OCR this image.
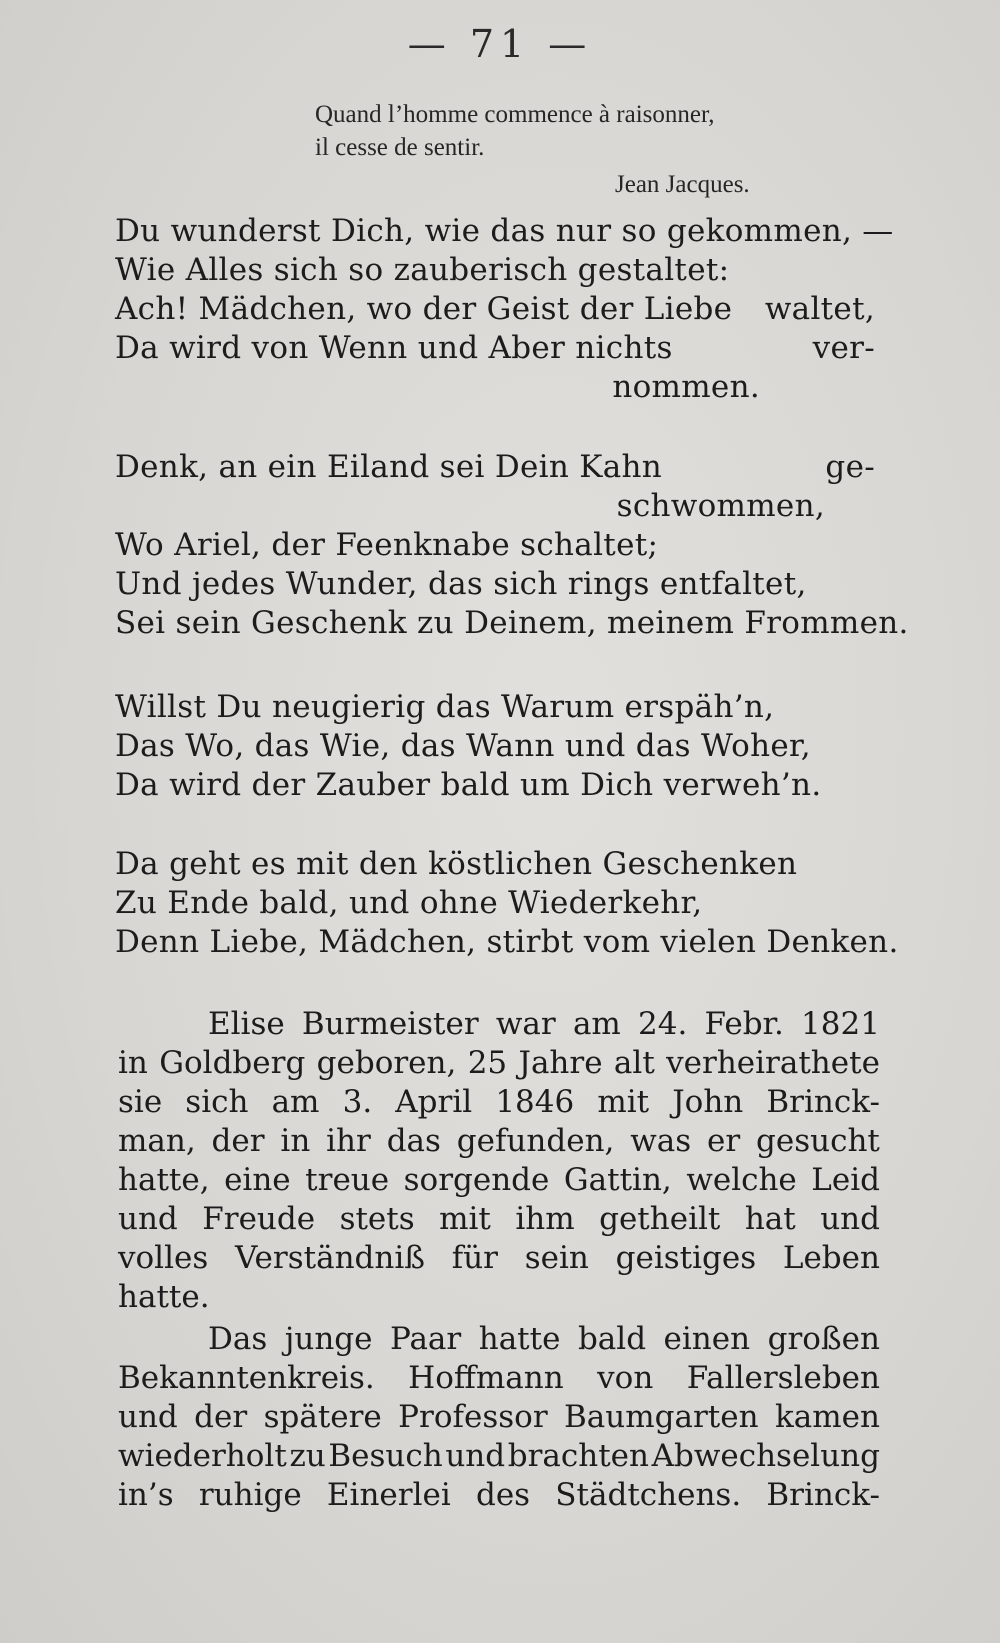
— 71 —
Quand l’homme commence à raisonner,
il cesse de sentir.
Jean Jacques.
Du wunderst Dich, wie das nur so gekommen, —
Wie Alles sich so zauberisch gestaltet:
Ach! Mädchen, wo der Geist der Liebe waltet,
Da wird von Wenn und Aber nichts	ver-
nommen.
Denk, an ein Eiland sei Dein Kahn	ge-
schwommen,
Wo Ariel, der Feenknabe schaltet;
Und jedes Wunder, das sich rings entfaltet,
Sei sein Geschenk zu Deinem, meinem Frommen.
Willst Du neugierig das Warum erspäh’n,
Das Wo, das Wie, das Wann und das Woher,
Da wird der Zauber bald um Dich verweh’n.
Da geht es mit den köstlichen Geschenken
Zu Ende bald, und ohne Wiederkehr,
Denn Liebe, Mädchen, stirbt vom vielen Denken.
Elise Burmeister war am 24. Febr. 1821
in Goldberg geboren, 25 Jahre alt verheirathete
sie sich am 3. April 1846 mit John Brinck-
man, der in ihr das gefunden, was er gesucht
hatte, eine treue sorgende Gattin, welche Leid
und Freude stets mit ihm getheilt hat und
volles Verständniß für sein geistiges Leben
hatte.
Das junge Paar hatte bald einen großen
Bekanntenkreis. Hoffmann von Fallersleben
und der spätere Professor Baumgarten kamen
wiederholt zu Besuch und brachten Abwechselung
in’s ruhige Einerlei des Städtchens. Brinck-
